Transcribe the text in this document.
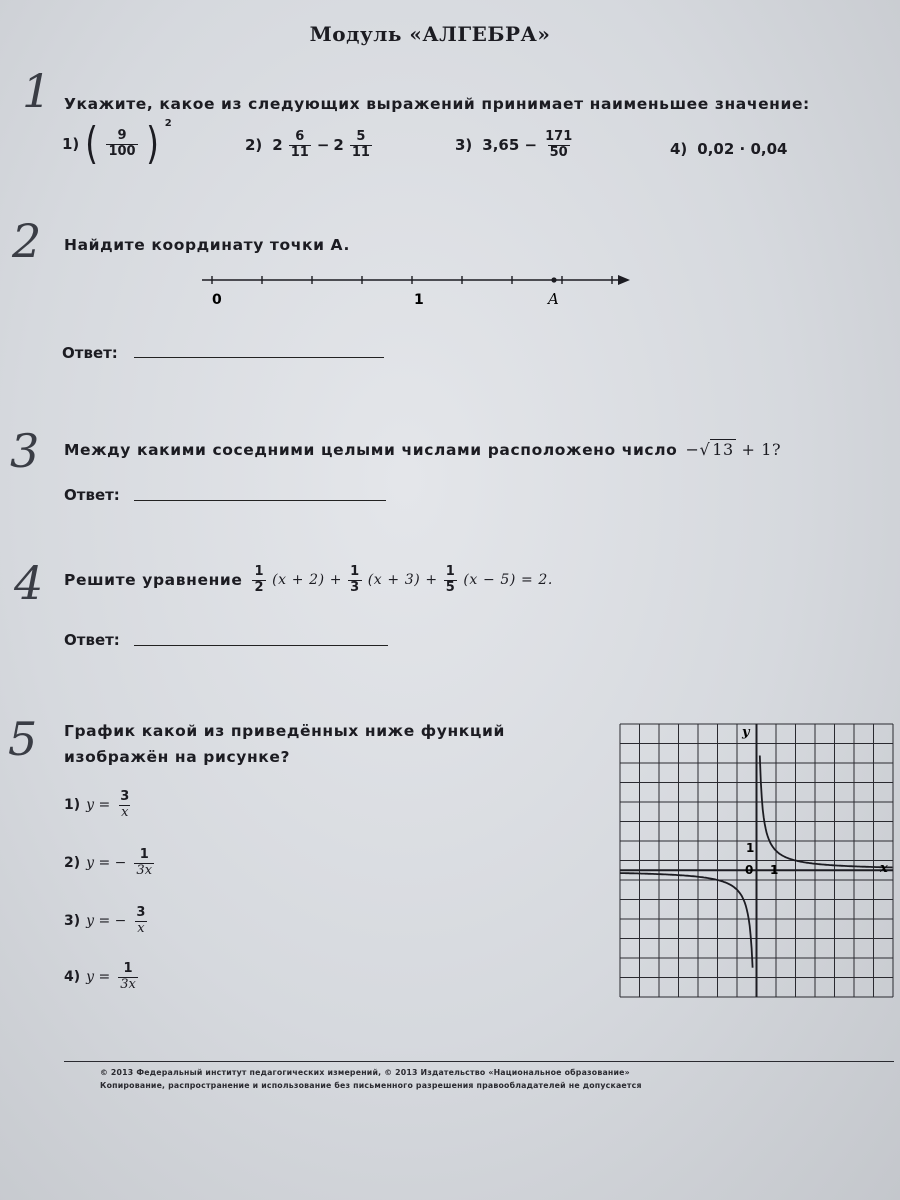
Модуль «АЛГЕБРА»
1 Укажите, какое из следующих выражений принимает наименьшее значение:
1) ( $\frac{9}{100}$ ) 2
2) $2 \frac{6}{11} - 2 \frac{5}{11}$	3) $3,65 - \frac{171}{50}$	4) 0,02 · 0,04
2 Найдите координату точки A.
0	1	A
Ответ:
3 Между какими соседними целыми числами расположено число −√ 13 + 1?
Ответ:
4 Решите уравнение $\frac{1}{2} (x + 2) + \frac{1}{3} (x + 3) + \frac{1}{5} (x - 5) = 2$.
Ответ:
5 График какой из приведённых ниже функций
изображён на рисунке?
1) $y = \frac{3}{x}$
2) y = − $\frac{1}{3x}$
3) y = − $\frac{3}{x}$
4) $y = \frac{1}{3x}$
y
x
0 1
1
© 2013 Федеральный институт педагогических измерений, © 2013 Издательство «Национальное образование»
Копирование, распространение и использование без письменного разрешения правообладателей не допускается
